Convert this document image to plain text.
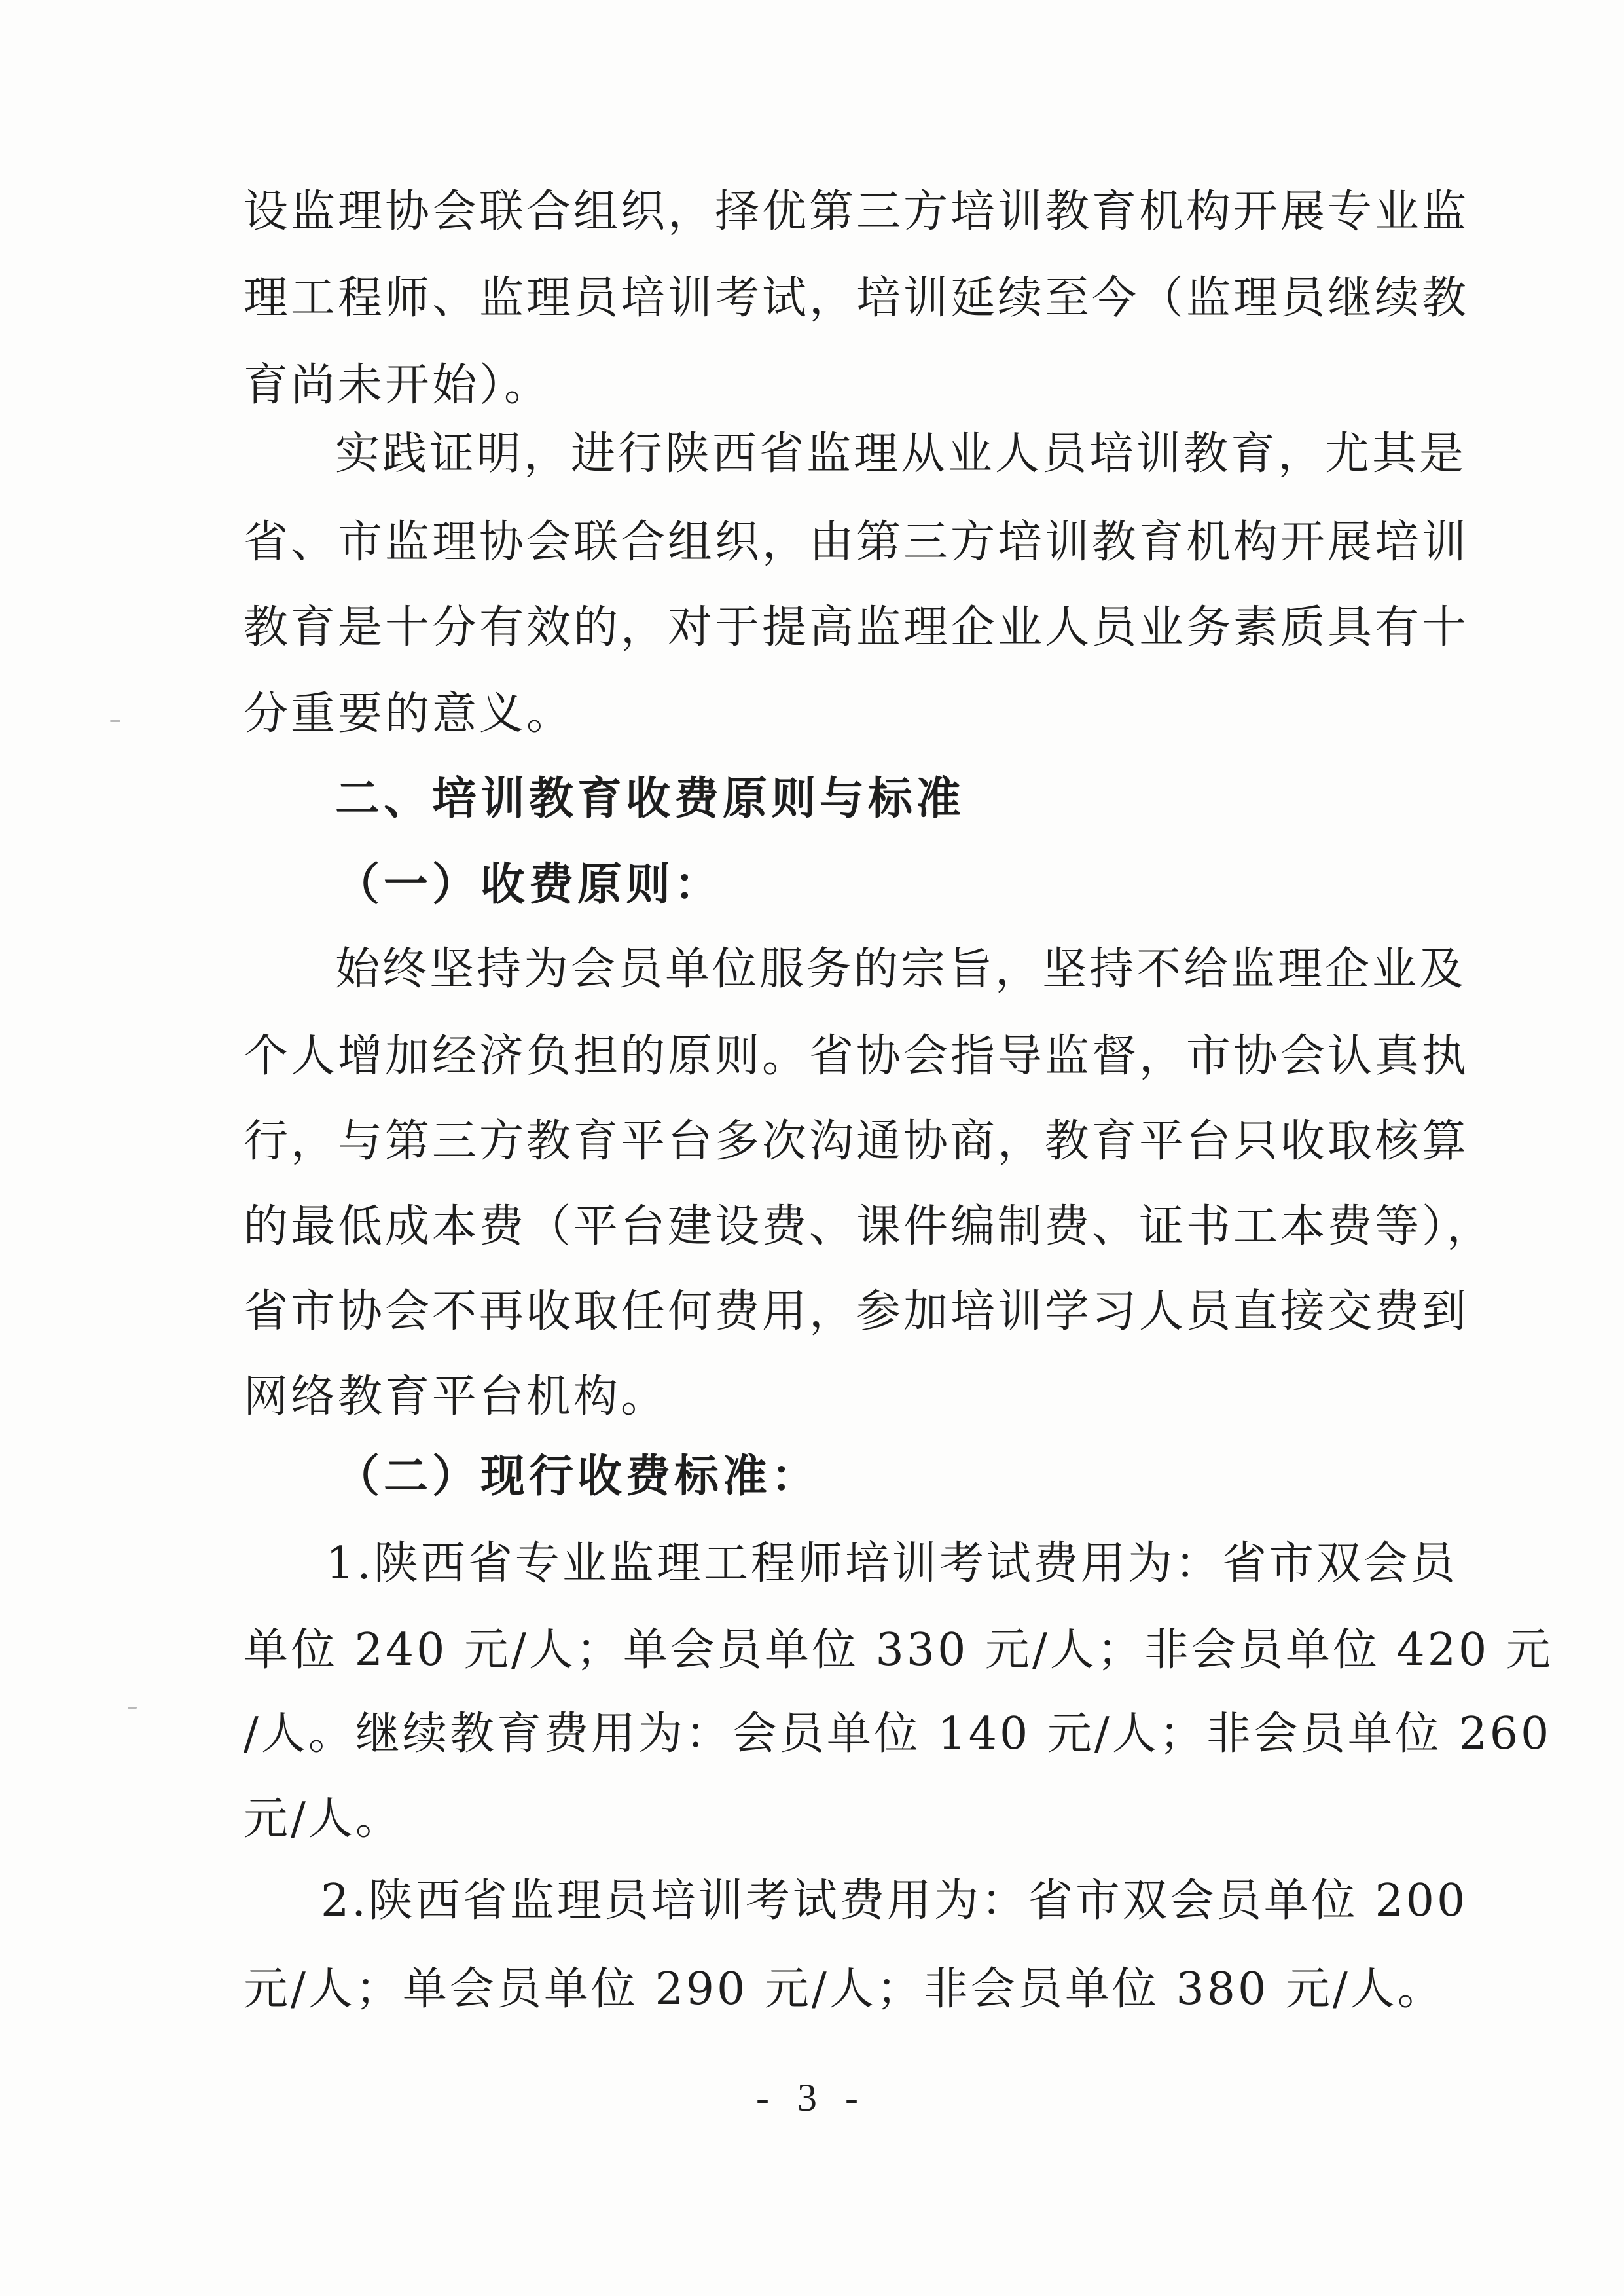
设监理协会联合组织，择优第三方培训教育机构开展专业监
理工程师、监理员培训考试，培训延续至今（监理员继续教
育尚未开始）。
实践证明，进行陕西省监理从业人员培训教育，尤其是
省、市监理协会联合组织，由第三方培训教育机构开展培训
教育是十分有效的，对于提高监理企业人员业务素质具有十
分重要的意义。
二、培训教育收费原则与标准
（一）收费原则：
始终坚持为会员单位服务的宗旨，坚持不给监理企业及
个人增加经济负担的原则。省协会指导监督，市协会认真执
行，与第三方教育平台多次沟通协商，教育平台只收取核算
的最低成本费（平台建设费、课件编制费、证书工本费等），
省市协会不再收取任何费用，参加培训学习人员直接交费到
网络教育平台机构。
（二）现行收费标准：
1.陕西省专业监理工程师培训考试费用为：省市双会员
单位 240 元/人；单会员单位 330 元/人；非会员单位 420 元
/人。继续教育费用为：会员单位 140 元/人；非会员单位 260
元/人。
2.陕西省监理员培训考试费用为：省市双会员单位 200
元/人；单会员单位 290 元/人；非会员单位 380 元/人。
- 3 -
